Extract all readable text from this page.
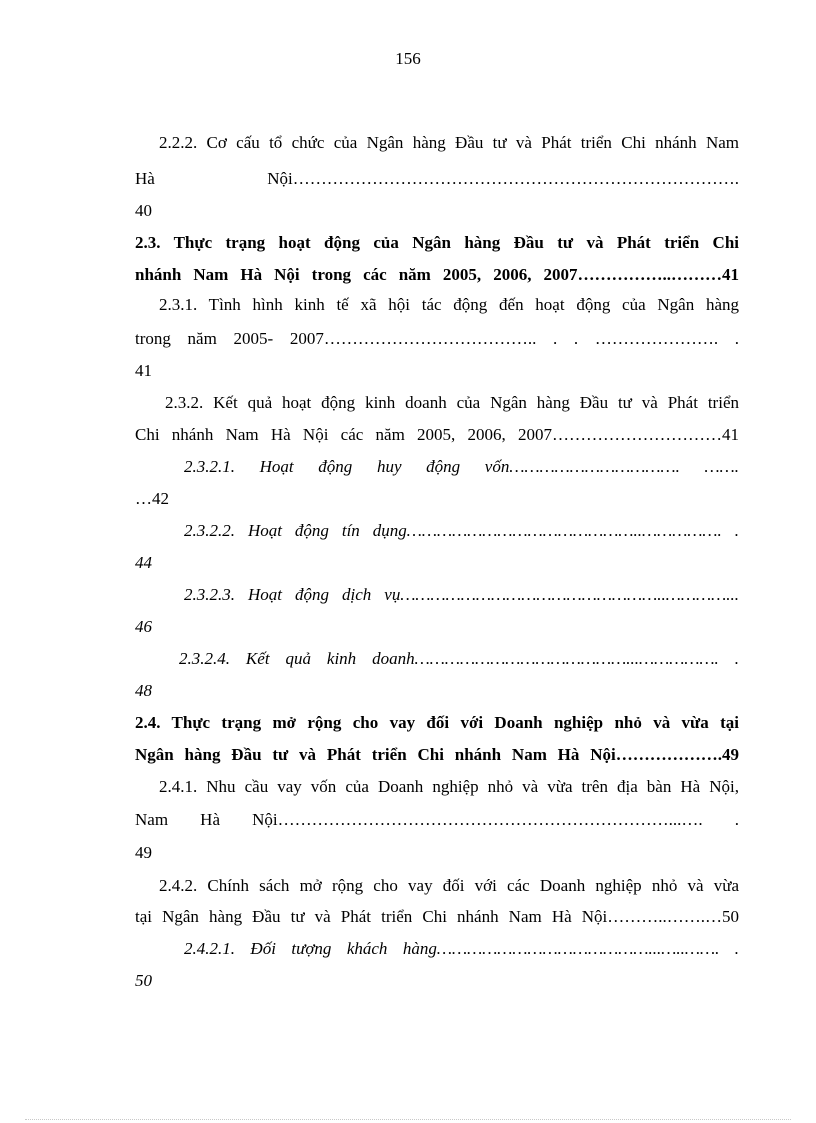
156
2.2.2. Cơ cấu tổ chức của Ngân hàng Đầu tư và Phát triển Chi nhánh Nam
Hà Nội…………………………………………………………………….
40
2.3. Thực trạng hoạt động của Ngân hàng Đầu tư và Phát triển Chi
nhánh Nam Hà Nội trong các năm 2005, 2006, 2007……………..………41
2.3.1. Tình hình kinh tế xã hội tác động đến hoạt động của Ngân hàng
trong năm 2005- 2007……………………………….. . . …………………. .
41
2.3.2. Kết quả hoạt động kinh doanh của Ngân hàng Đầu tư và Phát triển
Chi nhánh Nam Hà Nội các năm 2005, 2006, 2007…………………………41
2.3.2.1. Hoạt động huy động vốn……………………………. …….
…42
2.3.2.2. Hoạt động tín dụng………………………………………..……………. .
44
2.3.2.3. Hoạt động dịch vụ……………………………………………..…………...
46
2.3.2.4. Kết quả kinh doanh……………………………………...……………. .
48
2.4. Thực trạng mở rộng cho vay đối với Doanh nghiệp nhỏ và vừa tại
Ngân hàng Đầu tư và Phát triển Chi nhánh Nam Hà Nội……………….49
2.4.1. Nhu cầu vay vốn của Doanh nghiệp nhỏ và vừa trên địa bàn Hà Nội,
Nam Hà Nội……………………………………………………………...…. .
49
2.4.2. Chính sách mở rộng cho vay đối với các Doanh nghiệp nhỏ và vừa
tại Ngân hàng Đầu tư và Phát triển Chi nhánh Nam Hà Nội………..…….…50
2.4.2.1. Đối tượng khách hàng……………………………………...…..……. .
50
